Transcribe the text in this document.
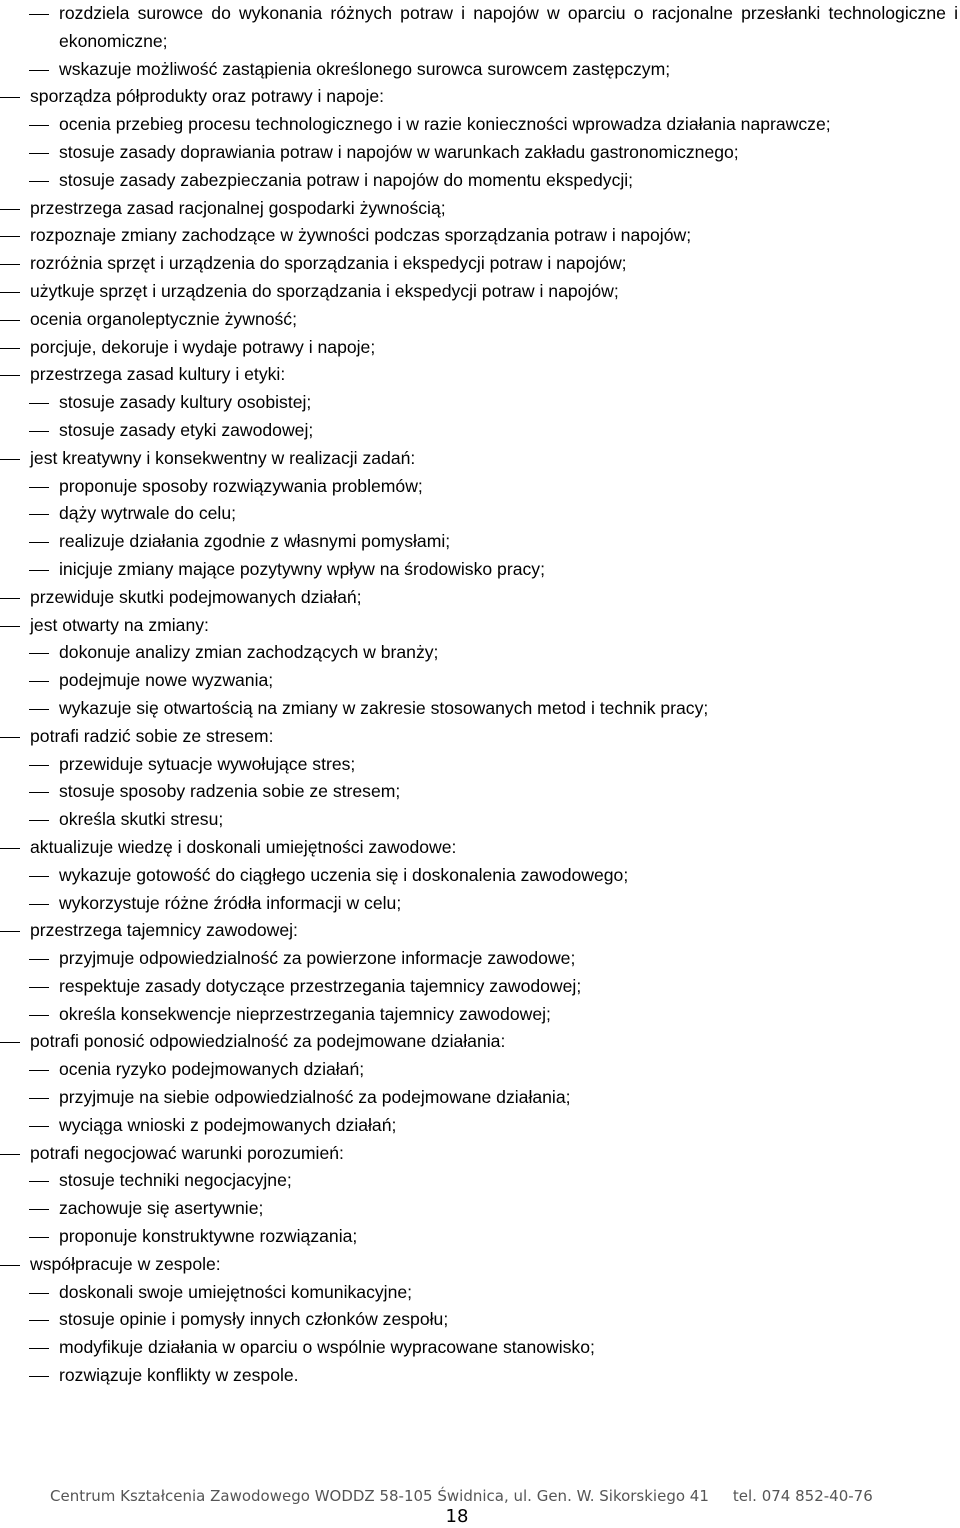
rozdziela surowce do wykonania różnych potraw i napojów w oparciu o racjonalne przesłanki technologiczne i ekonomiczne;
wskazuje możliwość zastąpienia określonego surowca surowcem zastępczym;
sporządza półprodukty oraz potrawy i napoje:
ocenia przebieg procesu technologicznego i w razie konieczności wprowadza działania naprawcze;
stosuje zasady doprawiania potraw i napojów w warunkach zakładu gastronomicznego;
stosuje zasady zabezpieczania potraw i napojów do momentu ekspedycji;
przestrzega zasad racjonalnej gospodarki żywnością;
rozpoznaje zmiany zachodzące w żywności podczas sporządzania potraw i napojów;
rozróżnia sprzęt i urządzenia do sporządzania i ekspedycji potraw i napojów;
użytkuje sprzęt i urządzenia do sporządzania i ekspedycji potraw i napojów;
ocenia organoleptycznie żywność;
porcjuje, dekoruje i wydaje potrawy i napoje;
przestrzega zasad kultury i etyki:
stosuje zasady kultury osobistej;
stosuje zasady etyki zawodowej;
jest kreatywny i konsekwentny w realizacji zadań:
proponuje sposoby rozwiązywania problemów;
dąży wytrwale do celu;
realizuje działania zgodnie z własnymi pomysłami;
inicjuje zmiany mające pozytywny wpływ na środowisko pracy;
przewiduje skutki podejmowanych działań;
jest otwarty na zmiany:
dokonuje analizy zmian zachodzących w branży;
podejmuje nowe wyzwania;
wykazuje się otwartością na zmiany w zakresie stosowanych metod i technik pracy;
potrafi radzić sobie ze stresem:
przewiduje sytuacje wywołujące stres;
stosuje sposoby radzenia sobie ze stresem;
określa skutki stresu;
aktualizuje wiedzę i doskonali umiejętności zawodowe:
wykazuje gotowość do ciągłego uczenia się i doskonalenia zawodowego;
wykorzystuje różne źródła informacji w celu;
przestrzega tajemnicy zawodowej:
przyjmuje odpowiedzialność za powierzone informacje zawodowe;
respektuje zasady dotyczące przestrzegania tajemnicy zawodowej;
określa konsekwencje nieprzestrzegania tajemnicy zawodowej;
potrafi ponosić odpowiedzialność za podejmowane działania:
ocenia ryzyko podejmowanych działań;
przyjmuje na siebie odpowiedzialność za podejmowane działania;
wyciąga wnioski z podejmowanych działań;
potrafi negocjować warunki porozumień:
stosuje techniki negocjacyjne;
zachowuje się asertywnie;
proponuje konstruktywne rozwiązania;
współpracuje w zespole:
doskonali swoje umiejętności komunikacyjne;
stosuje opinie i pomysły innych członków zespołu;
modyfikuje działania w oparciu o wspólnie wypracowane stanowisko;
rozwiązuje konflikty w zespole.
Centrum Kształcenia Zawodowego WODDZ 58-105 Świdnica, ul. Gen. W. Sikorskiego 41 tel. 074 852-40-76
18
